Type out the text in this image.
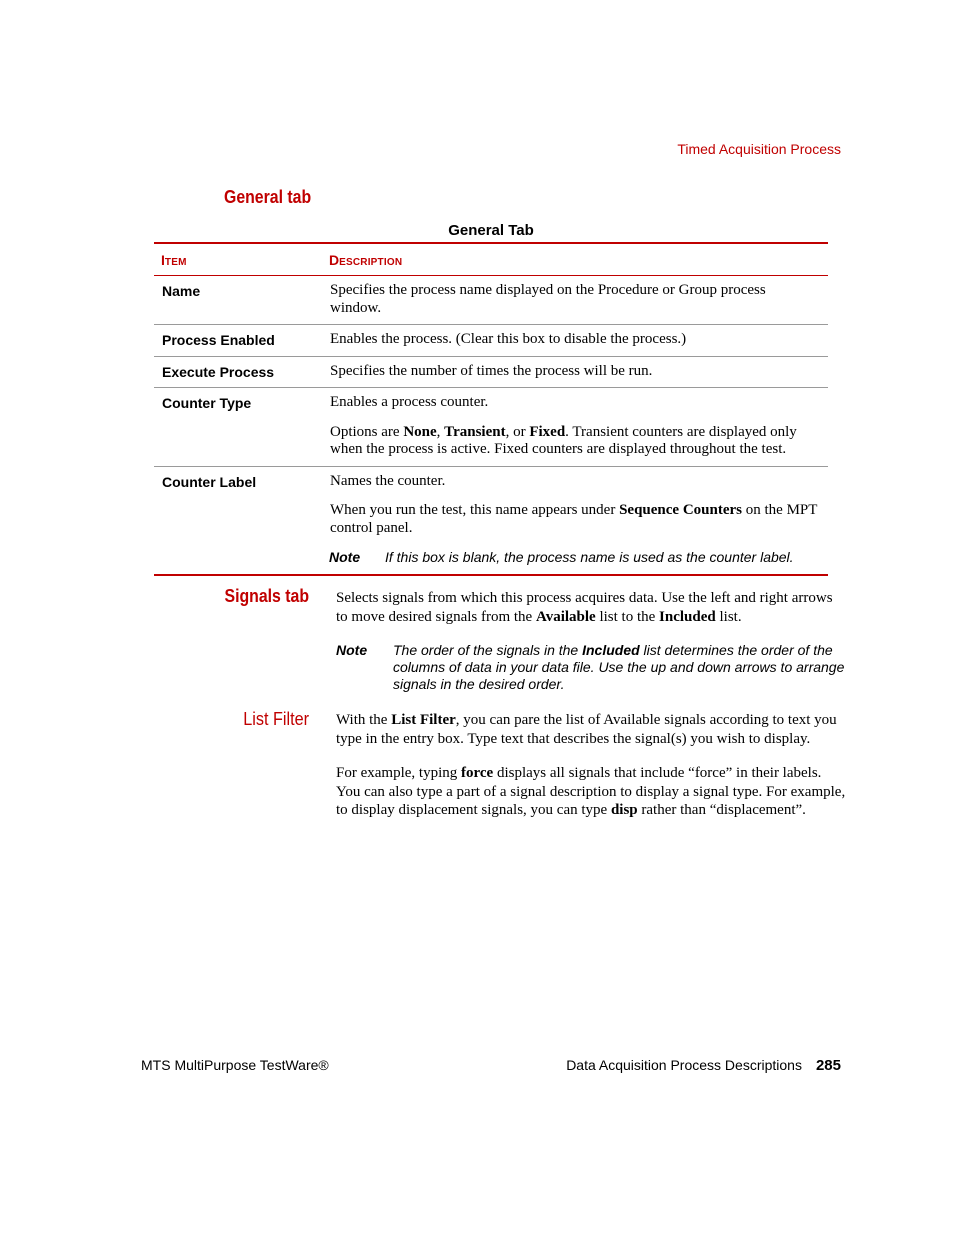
Timed Acquisition Process
General tab
General Tab
ITEM	DESCRIPTION
Name	Specifies the process name displayed on the Procedure or Group process window.

Process Enabled	Enables the process. (Clear this box to disable the process.)

Execute Process	Specifies the number of times the process will be run.

Counter Type	Enables a process counter.

Options are None, Transient, or Fixed. Transient counters are displayed only when the process is active. Fixed counters are displayed throughout the test.

Counter Label	Names the counter.

When you run the test, this name appears under Sequence Counters on the MPT control panel.

Note If this box is blank, the process name is used as the counter label.
Signals tab Selects signals from which this process acquires data. Use the left and right arrows to move desired signals from the Available list to the Included list.

Note	The order of the signals in the Included list determines the order of the columns of data in your data file. Use the up and down arrows to arrange signals in the desired order.
List Filter With the List Filter, you can pare the list of Available signals according to text you type in the entry box. Type text that describes the signal(s) you wish to display.

For example, typing force displays all signals that include “force” in their labels. You can also type a part of a signal description to display a signal type. For example, to display displacement signals, you can type disp rather than “displacement”.

MTS MultiPurpose TestWare®	Data Acquisition Process Descriptions 285
